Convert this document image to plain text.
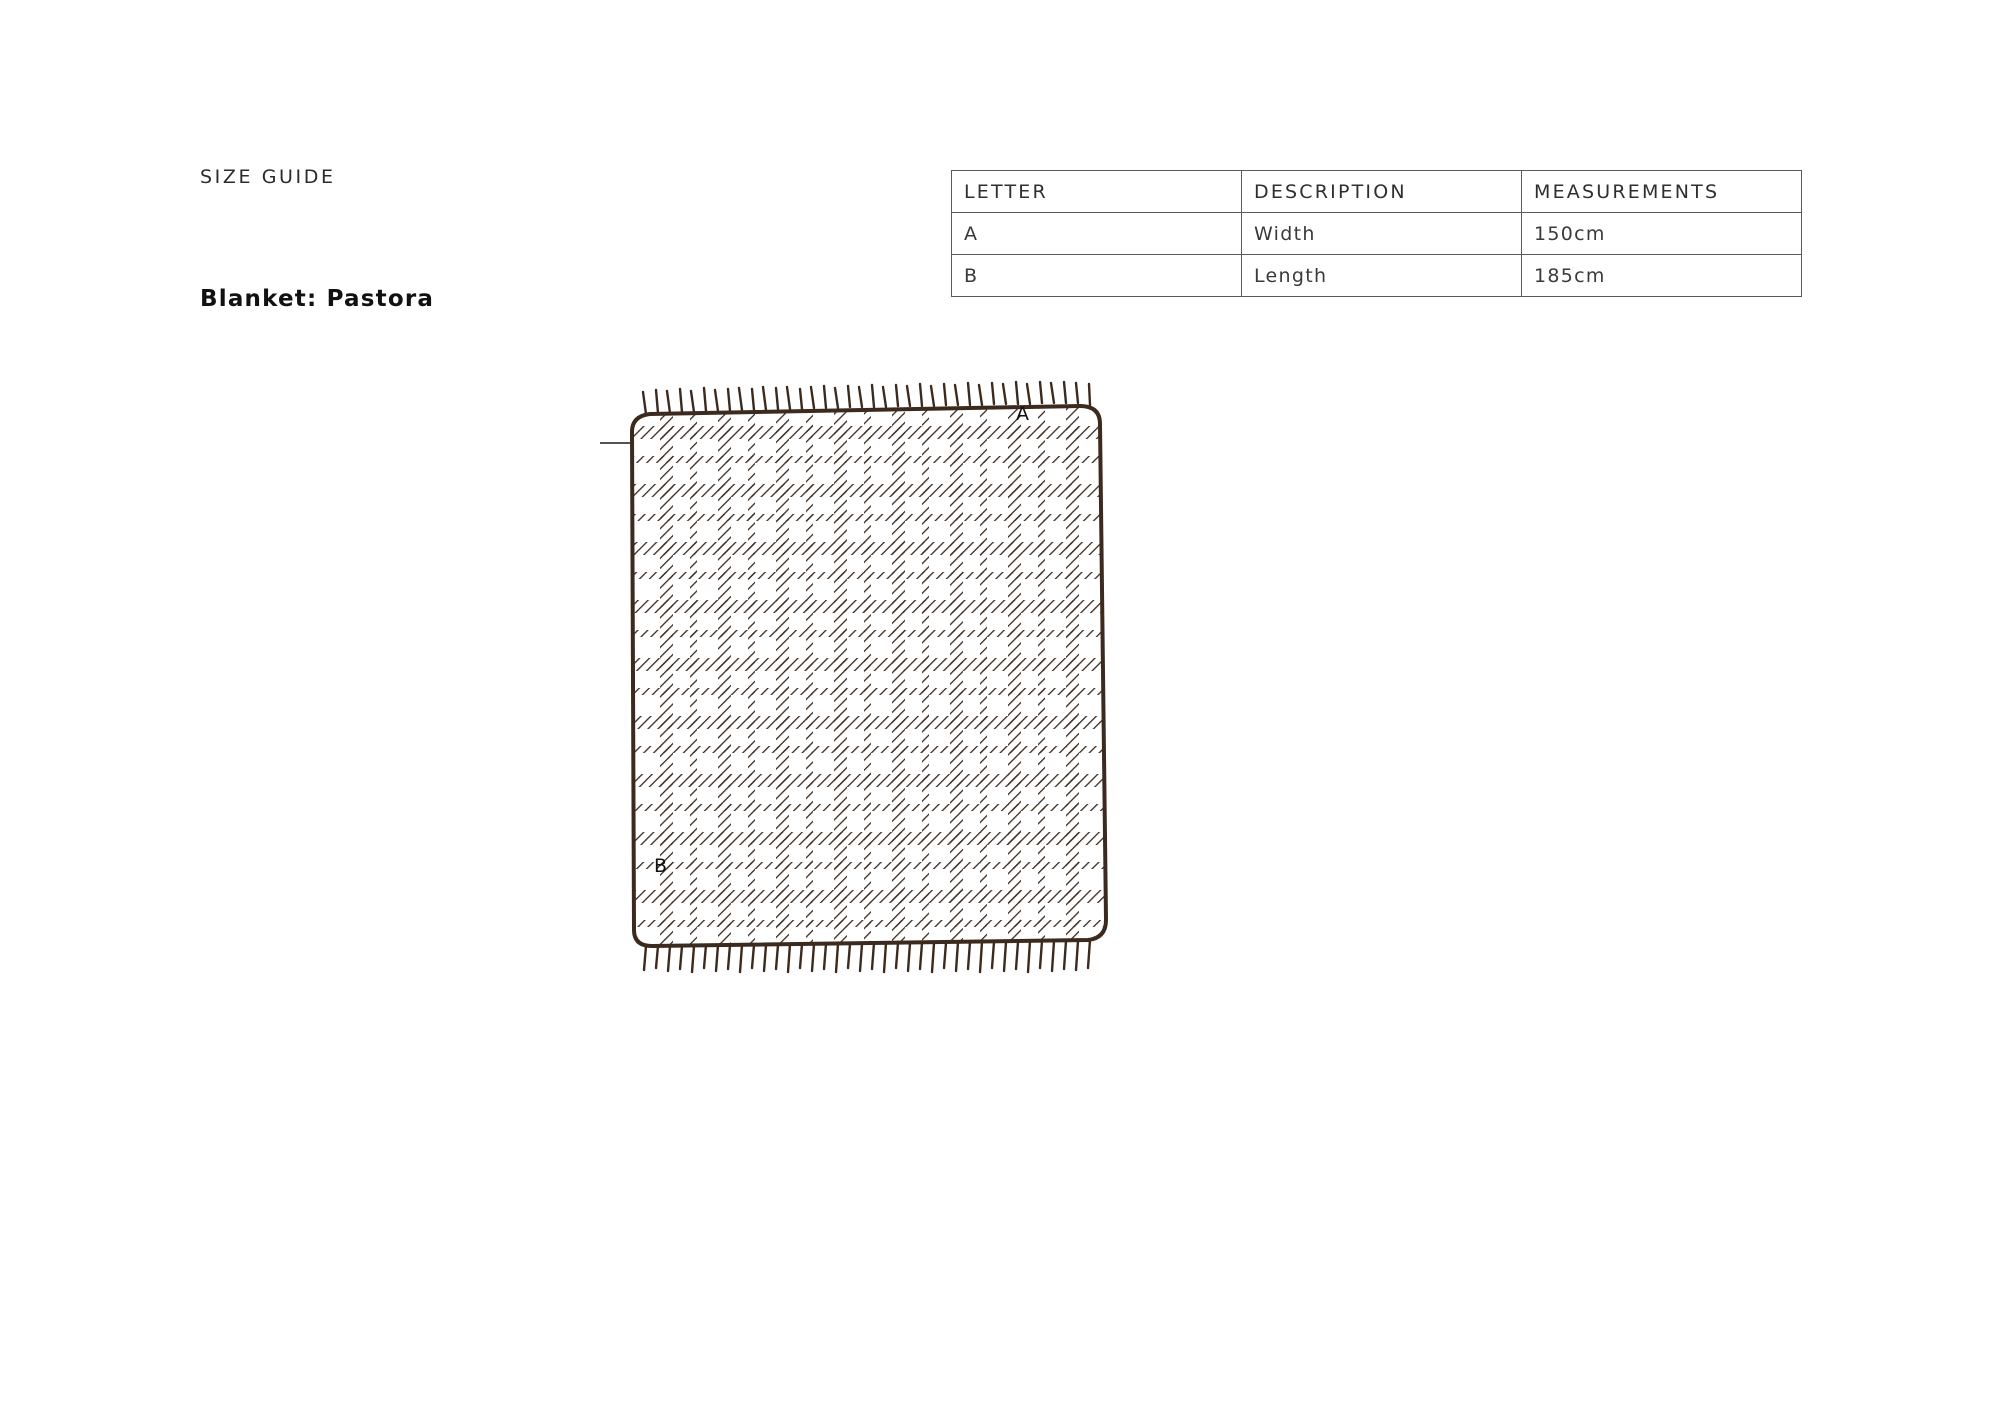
SIZE GUIDE
Blanket: Pastora
LETTER	DESCRIPTION	MEASUREMENTS
A	Width	150cm
B	Length	185cm
A
B
